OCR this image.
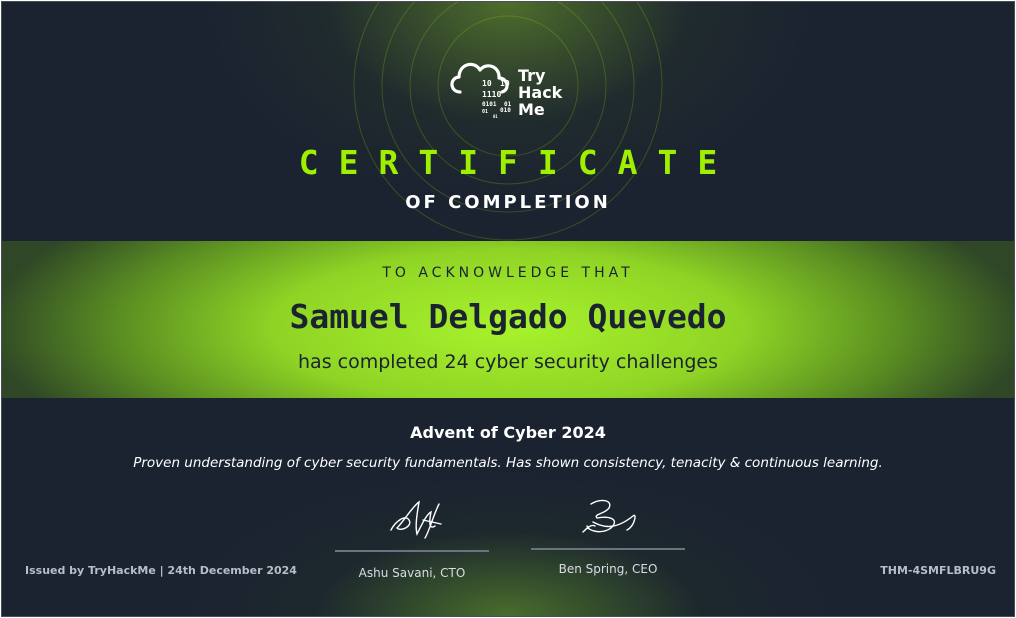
10 10
1110
0101 01
01 010
01
Try
Hack
Me
CERTIFICATE
OF COMPLETION
TO ACKNOWLEDGE THAT
Samuel Delgado Quevedo
has completed 24 cyber security challenges
Advent of Cyber 2024
Proven understanding of cyber security fundamentals. Has shown consistency, tenacity & continuous learning.
Ashu Savani, CTO	Ben Spring, CEO
Issued by TryHackMe | 24th December 2024	THM-4SMFLBRU9G
